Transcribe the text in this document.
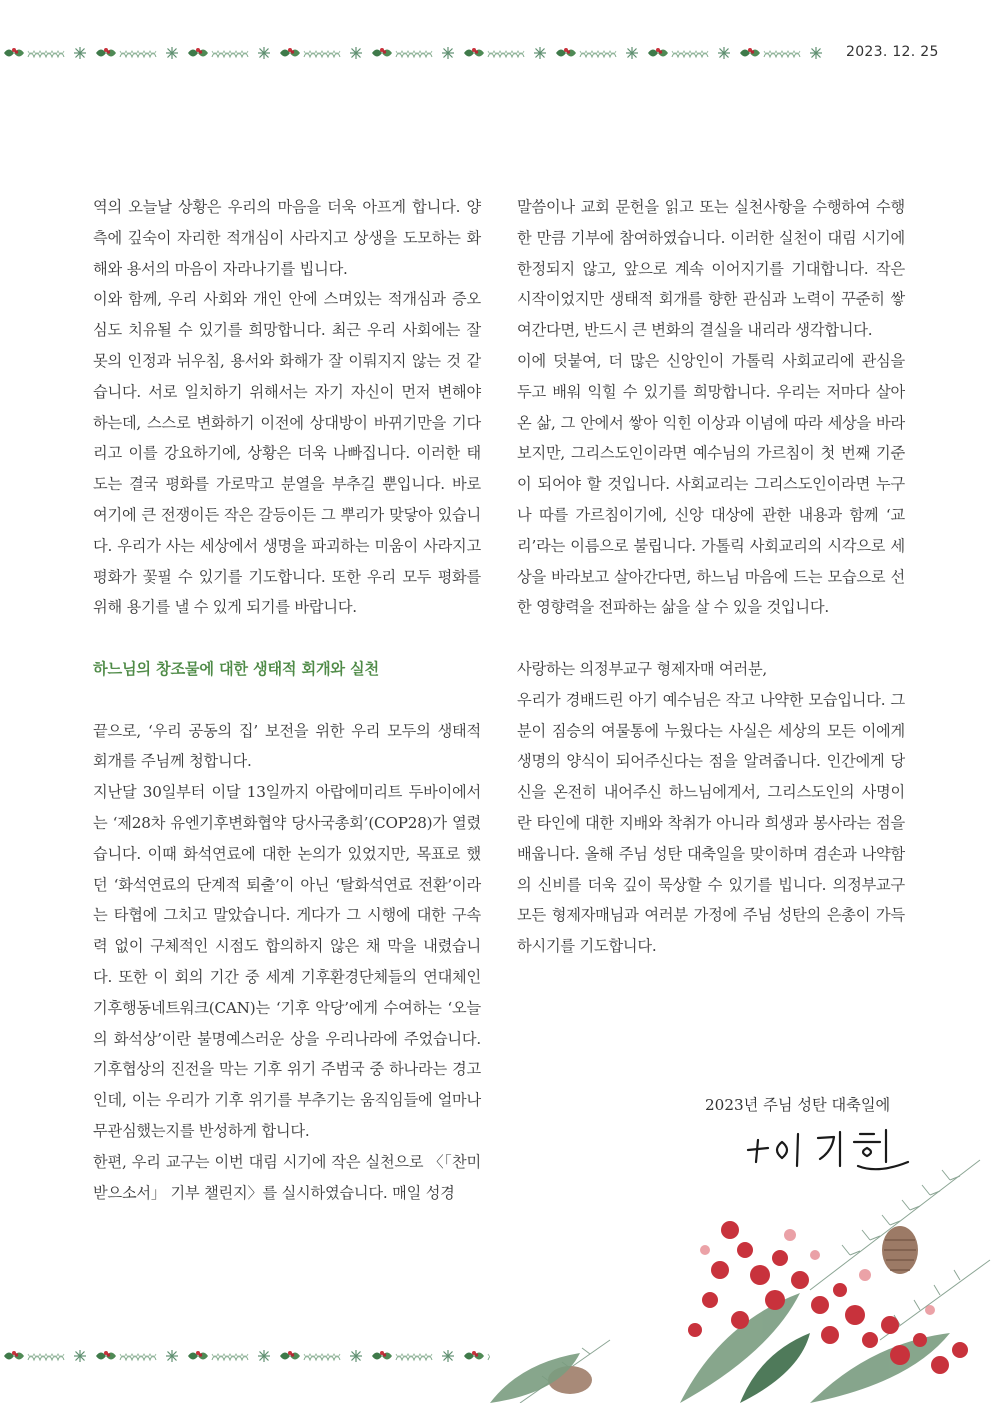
2023. 12. 25

역의 오늘날 상황은 우리의 마음을 더욱 아프게 합니다. 양측에 깊숙이 자리한 적개심이 사라지고 상생을 도모하는 화해와 용서의 마음이 자라나기를 빕니다.

이와 함께, 우리 사회와 개인 안에 스며있는 적개심과 증오심도 치유될 수 있기를 희망합니다. 최근 우리 사회에는 잘못의 인정과 뉘우침, 용서와 화해가 잘 이뤄지지 않는 것 같습니다. 서로 일치하기 위해서는 자기 자신이 먼저 변해야 하는데, 스스로 변화하기 이전에 상대방이 바뀌기만을 기다리고 이를 강요하기에, 상황은 더욱 나빠집니다. 이러한 태도는 결국 평화를 가로막고 분열을 부추길 뿐입니다. 바로 여기에 큰 전쟁이든 작은 갈등이든 그 뿌리가 맞닿아 있습니다. 우리가 사는 세상에서 생명을 파괴하는 미움이 사라지고 평화가 꽃필 수 있기를 기도합니다. 또한 우리 모두 평화를 위해 용기를 낼 수 있게 되기를 바랍니다.

하느님의 창조물에 대한 생태적 회개와 실천

끝으로, ‘우리 공동의 집’ 보전을 위한 우리 모두의 생태적 회개를 주님께 청합니다.

지난달 30일부터 이달 13일까지 아랍에미리트 두바이에서는 ‘제28차 유엔기후변화협약 당사국총회’(COP28)가 열렸습니다. 이때 화석연료에 대한 논의가 있었지만, 목표로 했던 ‘화석연료의 단계적 퇴출’이 아닌 ‘탈화석연료 전환’이라는 타협에 그치고 말았습니다. 게다가 그 시행에 대한 구속력 없이 구체적인 시점도 합의하지 않은 채 막을 내렸습니다. 또한 이 회의 기간 중 세계 기후환경단체들의 연대체인 기후행동네트워크(CAN)는 ‘기후 악당’에게 수여하는 ‘오늘의 화석상’이란 불명예스러운 상을 우리나라에 주었습니다. 기후협상의 진전을 막는 기후 위기 주범국 중 하나라는 경고인데, 이는 우리가 기후 위기를 부추기는 움직임들에 얼마나 무관심했는지를 반성하게 합니다.

한편, 우리 교구는 이번 대림 시기에 작은 실천으로 〈「찬미받으소서」 기부 챌린지〉를 실시하였습니다. 매일 성경

말씀이나 교회 문헌을 읽고 또는 실천사항을 수행하여 수행한 만큼 기부에 참여하였습니다. 이러한 실천이 대림 시기에 한정되지 않고, 앞으로 계속 이어지기를 기대합니다. 작은 시작이었지만 생태적 회개를 향한 관심과 노력이 꾸준히 쌓여간다면, 반드시 큰 변화의 결실을 내리라 생각합니다.

이에 덧붙여, 더 많은 신앙인이 가톨릭 사회교리에 관심을 두고 배워 익힐 수 있기를 희망합니다. 우리는 저마다 살아온 삶, 그 안에서 쌓아 익힌 이상과 이념에 따라 세상을 바라보지만, 그리스도인이라면 예수님의 가르침이 첫 번째 기준이 되어야 할 것입니다. 사회교리는 그리스도인이라면 누구나 따를 가르침이기에, 신앙 대상에 관한 내용과 함께 ‘교리’라는 이름으로 불립니다. 가톨릭 사회교리의 시각으로 세상을 바라보고 살아간다면, 하느님 마음에 드는 모습으로 선한 영향력을 전파하는 삶을 살 수 있을 것입니다.

사랑하는 의정부교구 형제자매 여러분,

우리가 경배드린 아기 예수님은 작고 나약한 모습입니다. 그분이 짐승의 여물통에 누웠다는 사실은 세상의 모든 이에게 생명의 양식이 되어주신다는 점을 알려줍니다. 인간에게 당신을 온전히 내어주신 하느님에게서, 그리스도인의 사명이란 타인에 대한 지배와 착취가 아니라 희생과 봉사라는 점을 배웁니다. 올해 주님 성탄 대축일을 맞이하며 겸손과 나약함의 신비를 더욱 깊이 묵상할 수 있기를 빕니다. 의정부교구 모든 형제자매님과 여러분 가정에 주님 성탄의 은총이 가득하시기를 기도합니다.

2023년 주님 성탄 대축일에
